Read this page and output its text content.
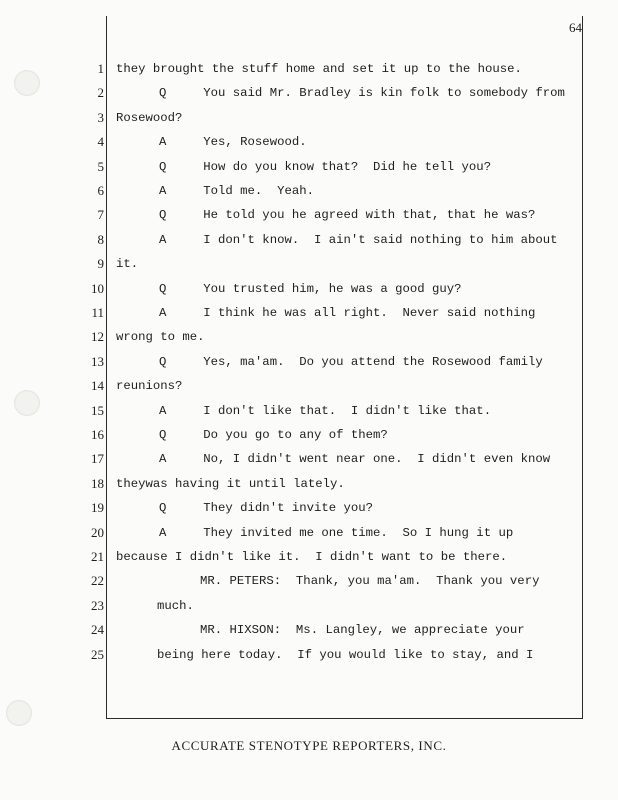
64
1 they brought the stuff home and set it up to the house.
2	Q     You said Mr. Bradley is kin folk to somebody from
3 Rosewood?
4	A     Yes, Rosewood.
5	Q     How do you know that?  Did he tell you?
6	A     Told me.  Yeah.
7	Q     He told you he agreed with that, that he was?
8	A     I don't know.  I ain't said nothing to him about
9 it.
10	Q     You trusted him, he was a good guy?
11	A     I think he was all right.  Never said nothing
12 wrong to me.
13	Q     Yes, ma'am.  Do you attend the Rosewood family
14 reunions?
15	A     I don't like that.  I didn't like that.
16	Q     Do you go to any of them?
17	A     No, I didn't went near one.  I didn't even know
18 theywas having it until lately.
19	Q     They didn't invite you?
20	A     They invited me one time.  So I hung it up
21 because I didn't like it.  I didn't want to be there.
22	MR. PETERS:  Thank, you ma'am.  Thank you very
23	much.
24	MR. HIXSON:  Ms. Langley, we appreciate your
25	being here today.  If you would like to stay, and I
ACCURATE STENOTYPE REPORTERS, INC.
